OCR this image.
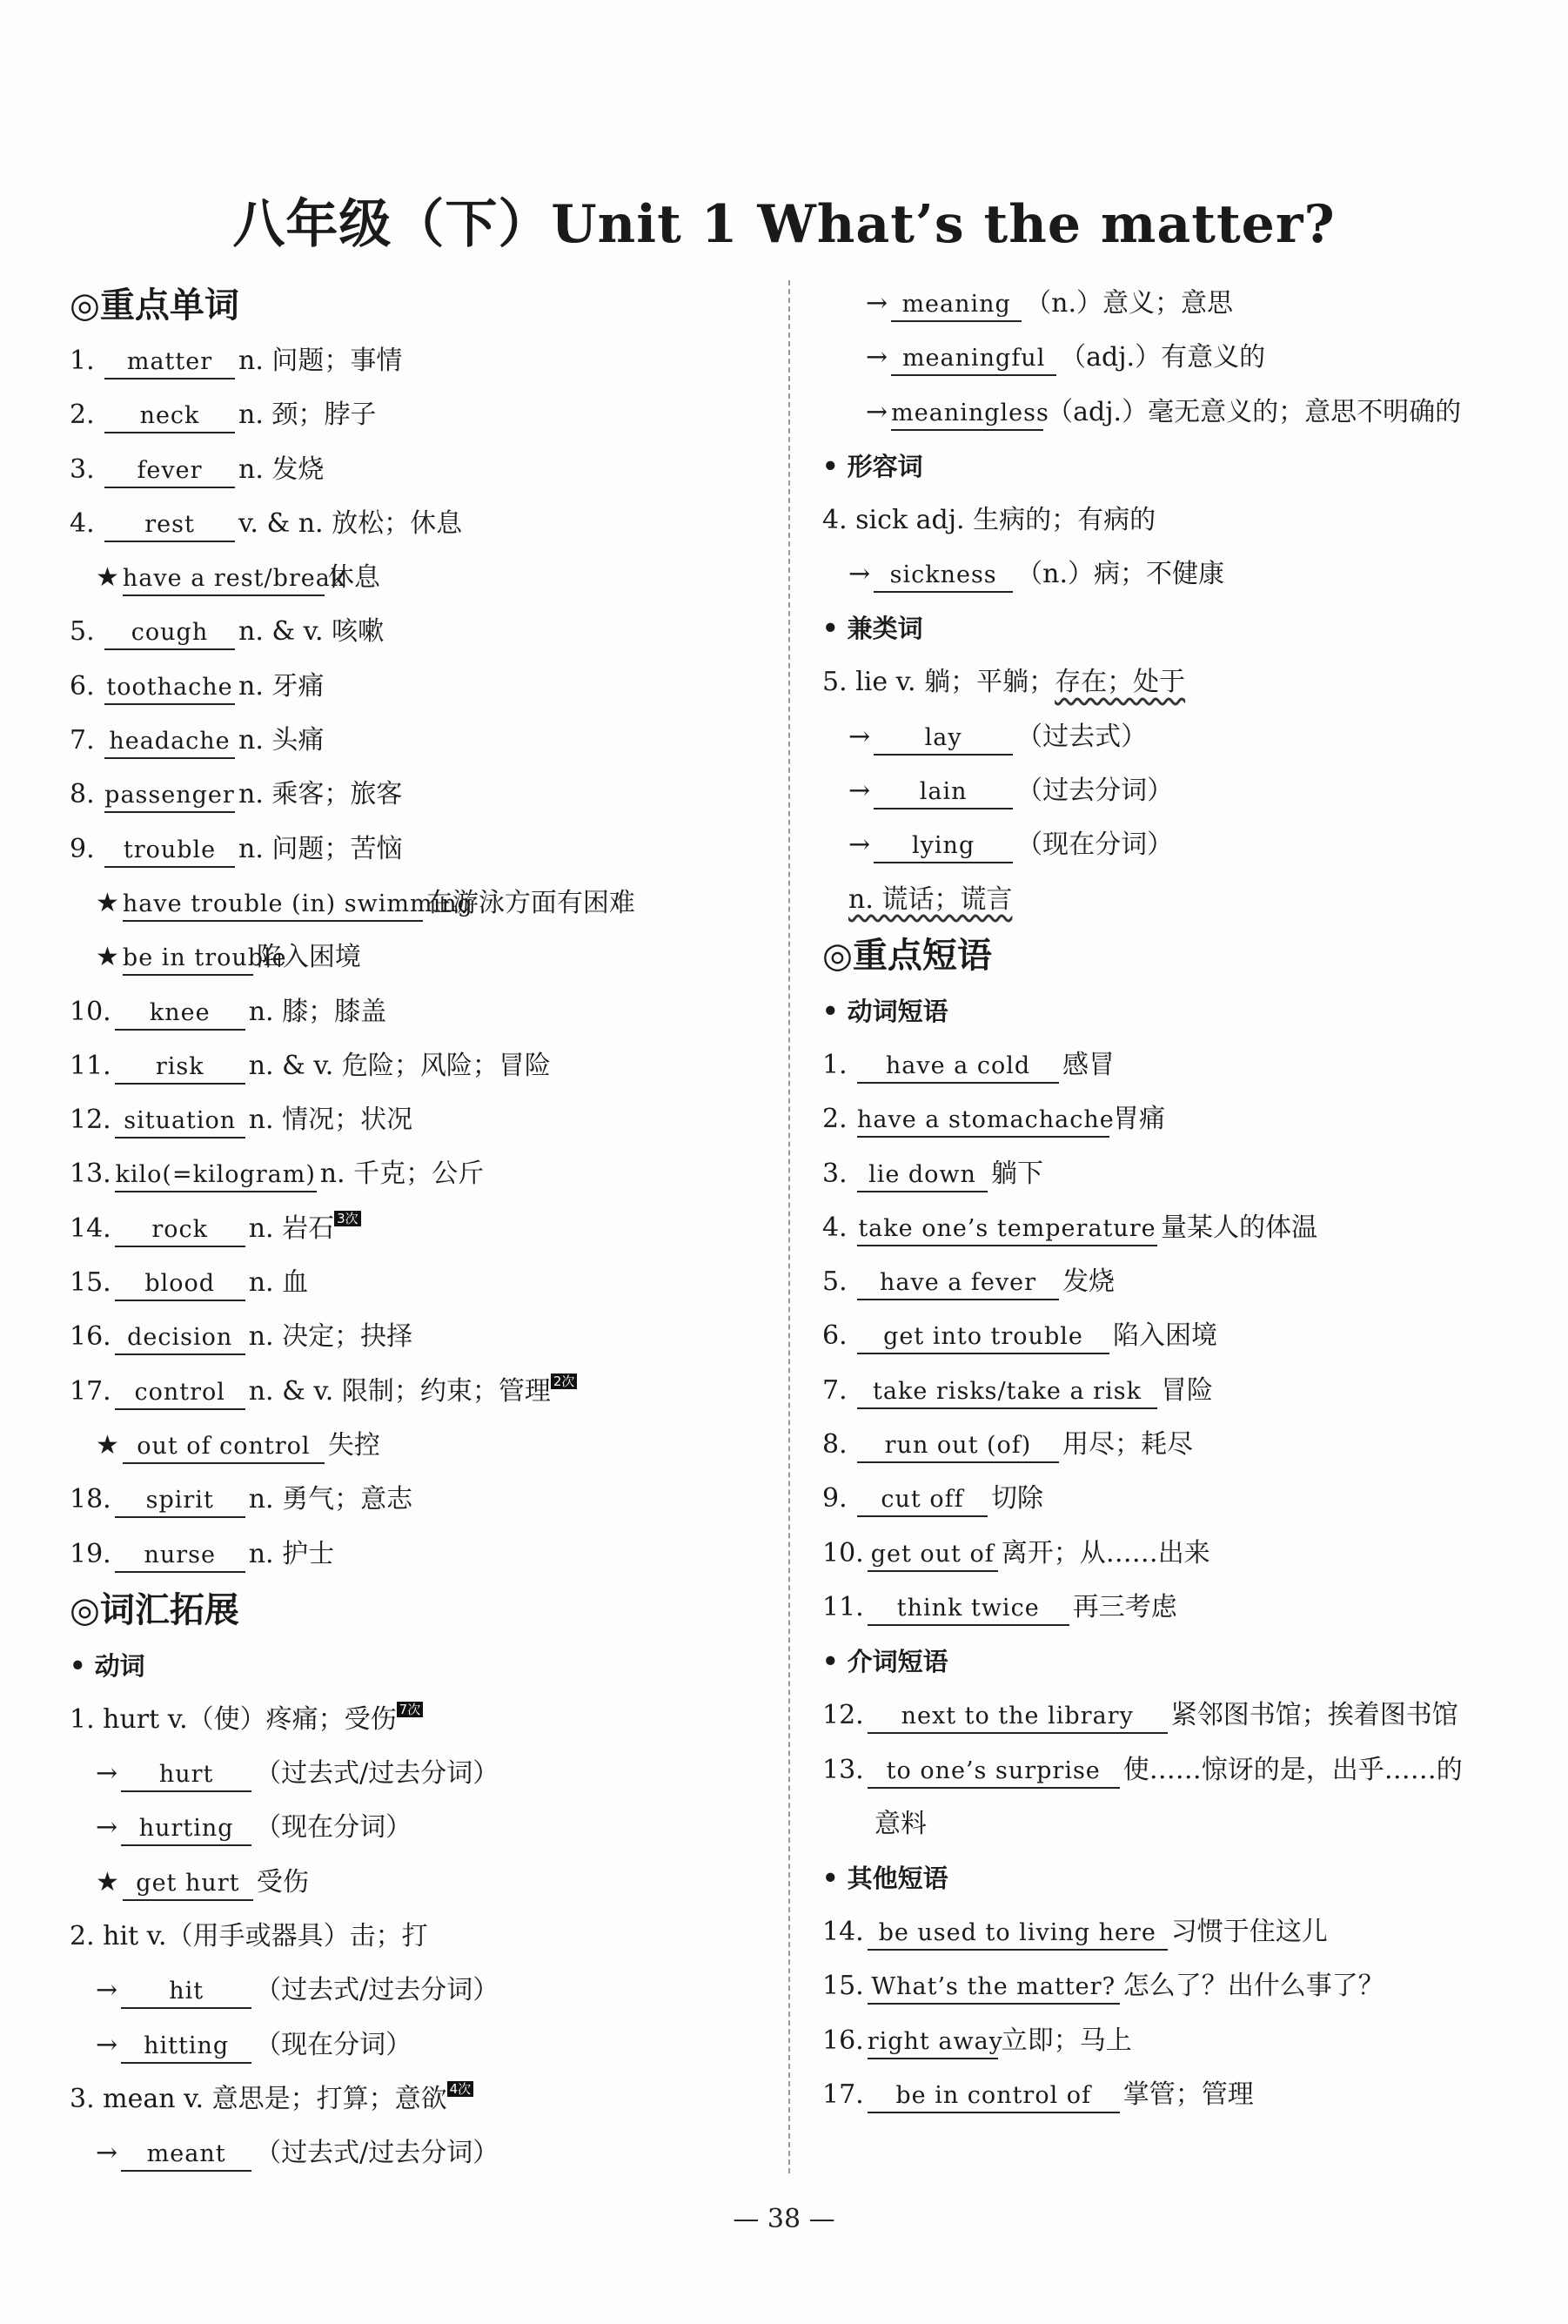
八年级（下）Unit 1 What’s the matter?
◎重点单词
1. matter n. 问题；事情
2. neck n. 颈；脖子
3. fever n. 发烧
4. rest v. & n. 放松；休息
★ have a rest/break休息
5. cough n. & v. 咳嗽
6. toothache n. 牙痛
7. headache n. 头痛
8. passenger n. 乘客；旅客
9. trouble n. 问题；苦恼
★ have trouble (in) swimming在游泳方面有困难
★ be in trouble陷入困境
10. knee n. 膝；膝盖
11. risk n. & v. 危险；风险；冒险
12. situation n. 情况；状况
13. kilo(=kilogram) n. 千克；公斤
14. rock n. 岩石 3次
15. blood n. 血
16. decision n. 决定；抉择
17. control n. & v. 限制；约束；管理 2次
★ out of control 失控
18. spirit n. 勇气；意志
19. nurse n. 护士
◎词汇拓展
• 动词
1. hurt v.（使）疼痛；受伤 7次
→ hurt （过去式/过去分词）
→ hurting （现在分词）
★ get hurt 受伤
2. hit v.（用手或器具）击；打
→ hit （过去式/过去分词）
→ hitting （现在分词）
3. mean v. 意思是；打算；意欲 4次
→ meant （过去式/过去分词）
→ meaning （n.）意义；意思
→ meaningful （adj.）有意义的
→ meaningless（adj.）毫无意义的；意思不明确的
• 形容词
4. sick adj. 生病的；有病的
→ sickness （n.）病；不健康
• 兼类词
5. lie v. 躺；平躺；存在；处于
→ lay （过去式）
→ lain （过去分词）
→ lying （现在分词）
n. 谎话；谎言
◎重点短语
• 动词短语
1. have a cold 感冒
2. have a stomachache胃痛
3. lie down 躺下
4. take one’s temperature 量某人的体温
5. have a fever 发烧
6. get into trouble 陷入困境
7. take risks/take a risk 冒险
8. run out (of) 用尽；耗尽
9. cut off 切除
10. get out of 离开；从……出来
11. think twice 再三考虑
• 介词短语
12. next to the library 紧邻图书馆；挨着图书馆
13. to one’s surprise 使……惊讶的是，出乎……的
意料
• 其他短语
14. be used to living here 习惯于住这儿
15. What’s the matter? 怎么了？出什么事了？
16. right away立即；马上
17. be in control of 掌管；管理
— 38 —
